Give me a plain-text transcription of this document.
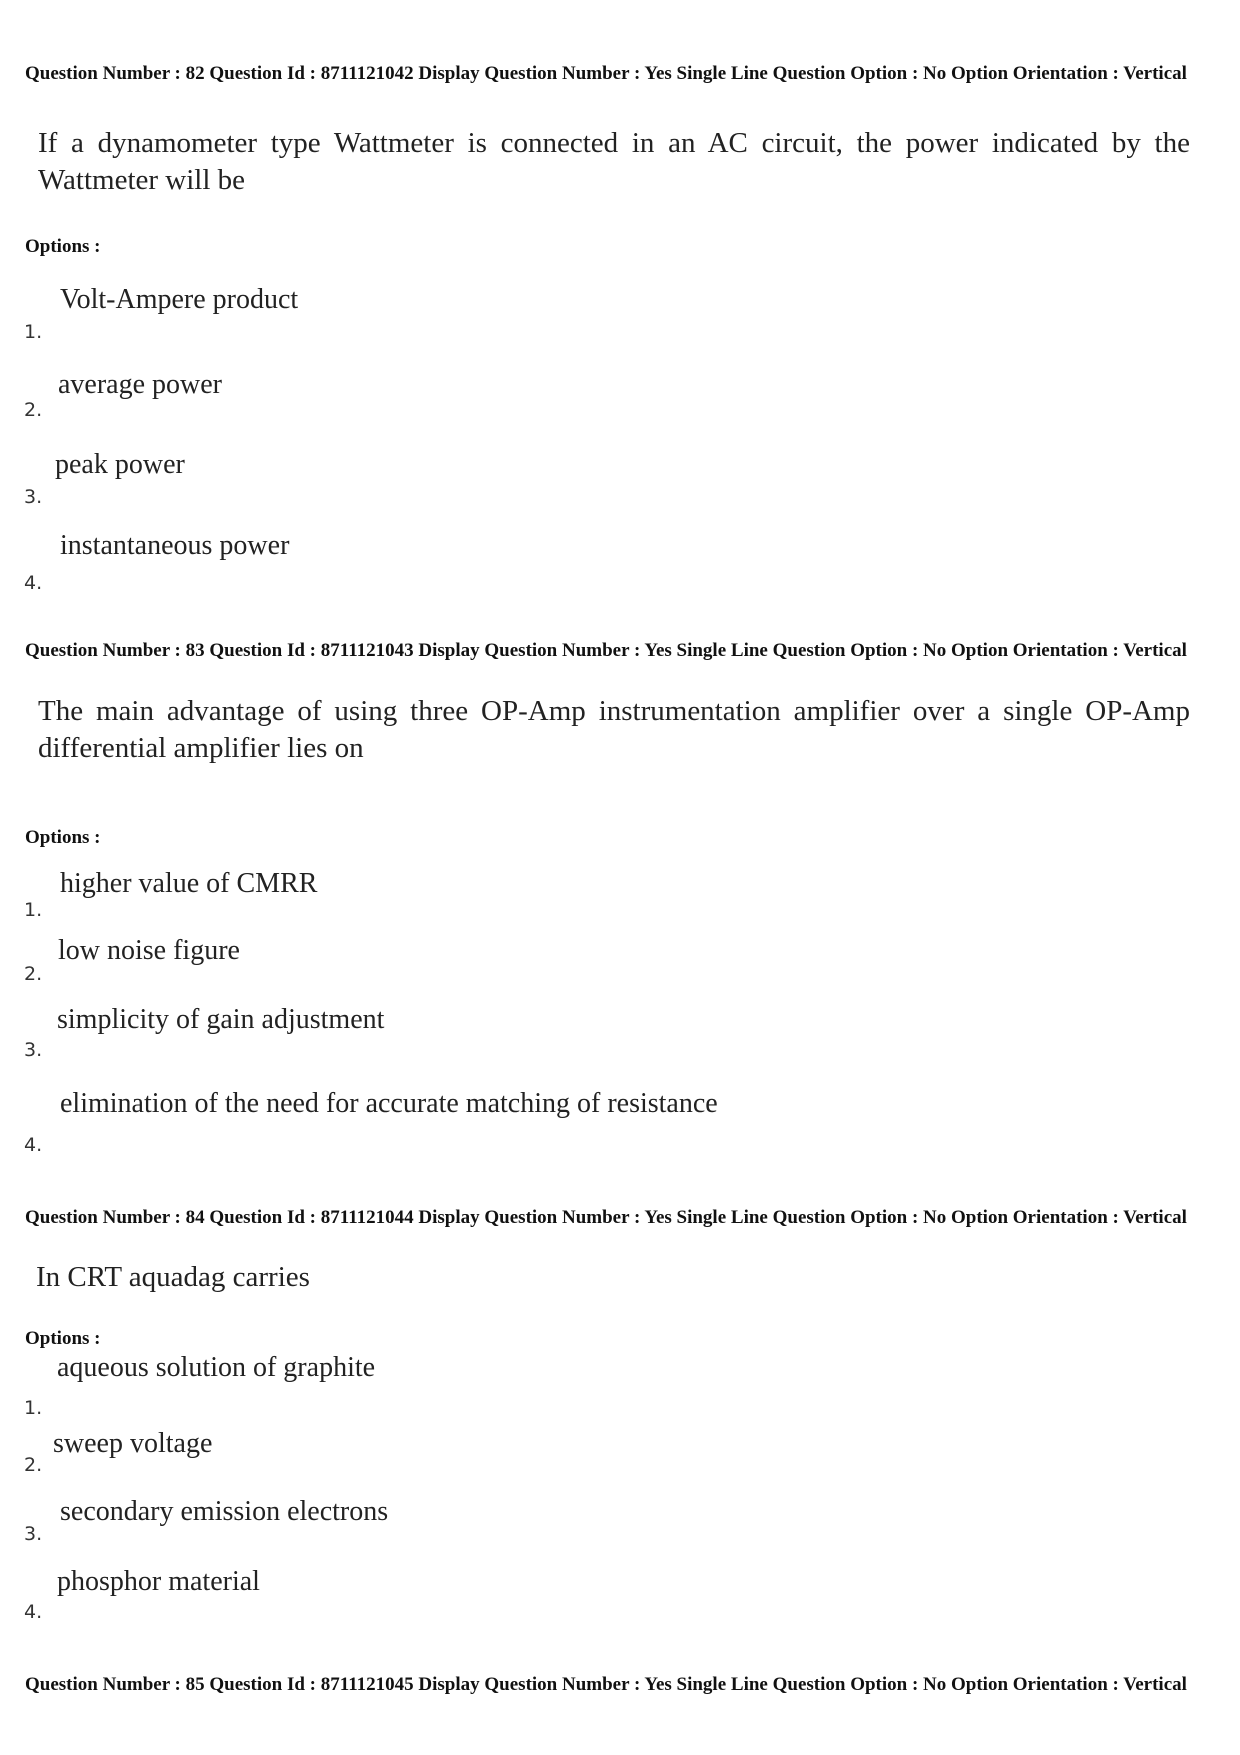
Question Number : 82 Question Id : 8711121042 Display Question Number : Yes Single Line Question Option : No Option Orientation : Vertical
If a dynamometer type Wattmeter is connected in an AC circuit, the power indicated by the Wattmeter will be
Options :
Volt-Ampere product
1.
average power
2.
peak power
3.
instantaneous power
4.
Question Number : 83 Question Id : 8711121043 Display Question Number : Yes Single Line Question Option : No Option Orientation : Vertical
The main advantage of using three OP-Amp instrumentation amplifier over a single OP-Amp differential amplifier lies on
Options :
higher value of CMRR
1.
low noise figure
2.
simplicity of gain adjustment
3.
elimination of the need for accurate matching of resistance
4.
Question Number : 84 Question Id : 8711121044 Display Question Number : Yes Single Line Question Option : No Option Orientation : Vertical
In CRT aquadag carries
Options :
aqueous solution of graphite
1.
sweep voltage
2.
secondary emission electrons
3.
phosphor material
4.
Question Number : 85 Question Id : 8711121045 Display Question Number : Yes Single Line Question Option : No Option Orientation : Vertical
